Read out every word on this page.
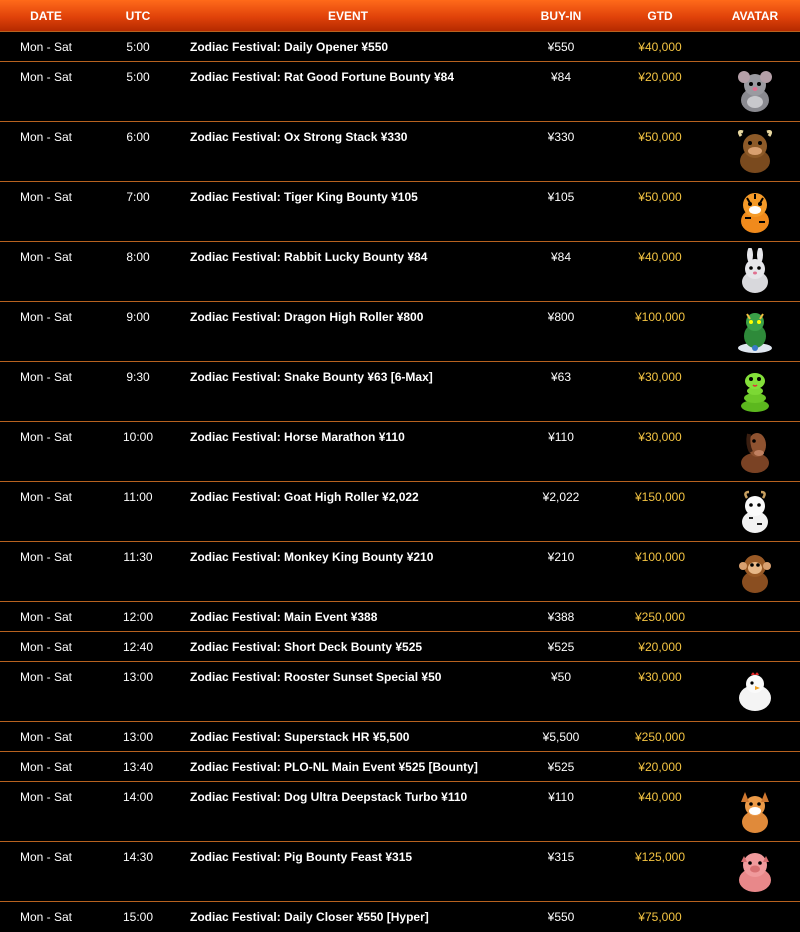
DATE	UTC	EVENT	BUY-IN	GTD	AVATAR
Mon - Sat	5:00	Zodiac Festival: Daily Opener ¥550	¥550	¥40,000
Mon - Sat	5:00	Zodiac Festival: Rat Good Fortune Bounty ¥84	¥84	¥20,000
Mon - Sat	6:00	Zodiac Festival: Ox Strong Stack ¥330	¥330	¥50,000
Mon - Sat	7:00	Zodiac Festival: Tiger King Bounty ¥105	¥105	¥50,000
Mon - Sat	8:00	Zodiac Festival: Rabbit Lucky Bounty ¥84	¥84	¥40,000
Mon - Sat	9:00	Zodiac Festival: Dragon High Roller ¥800	¥800	¥100,000
Mon - Sat	9:30	Zodiac Festival: Snake Bounty ¥63 [6-Max]	¥63	¥30,000
Mon - Sat	10:00	Zodiac Festival: Horse Marathon ¥110	¥110	¥30,000
Mon - Sat	11:00	Zodiac Festival: Goat High Roller ¥2,022	¥2,022	¥150,000
Mon - Sat	11:30	Zodiac Festival: Monkey King Bounty ¥210	¥210	¥100,000
Mon - Sat	12:00	Zodiac Festival: Main Event ¥388	¥388	¥250,000
Mon - Sat	12:40	Zodiac Festival: Short Deck Bounty ¥525	¥525	¥20,000
Mon - Sat	13:00	Zodiac Festival: Rooster Sunset Special ¥50	¥50	¥30,000
Mon - Sat	13:00	Zodiac Festival: Superstack HR ¥5,500	¥5,500	¥250,000
Mon - Sat	13:40	Zodiac Festival: PLO-NL Main Event ¥525 [Bounty]	¥525	¥20,000
Mon - Sat	14:00	Zodiac Festival: Dog Ultra Deepstack Turbo ¥110	¥110	¥40,000
Mon - Sat	14:30	Zodiac Festival: Pig Bounty Feast ¥315	¥315	¥125,000
Mon - Sat	15:00	Zodiac Festival: Daily Closer ¥550 [Hyper]	¥550	¥75,000
